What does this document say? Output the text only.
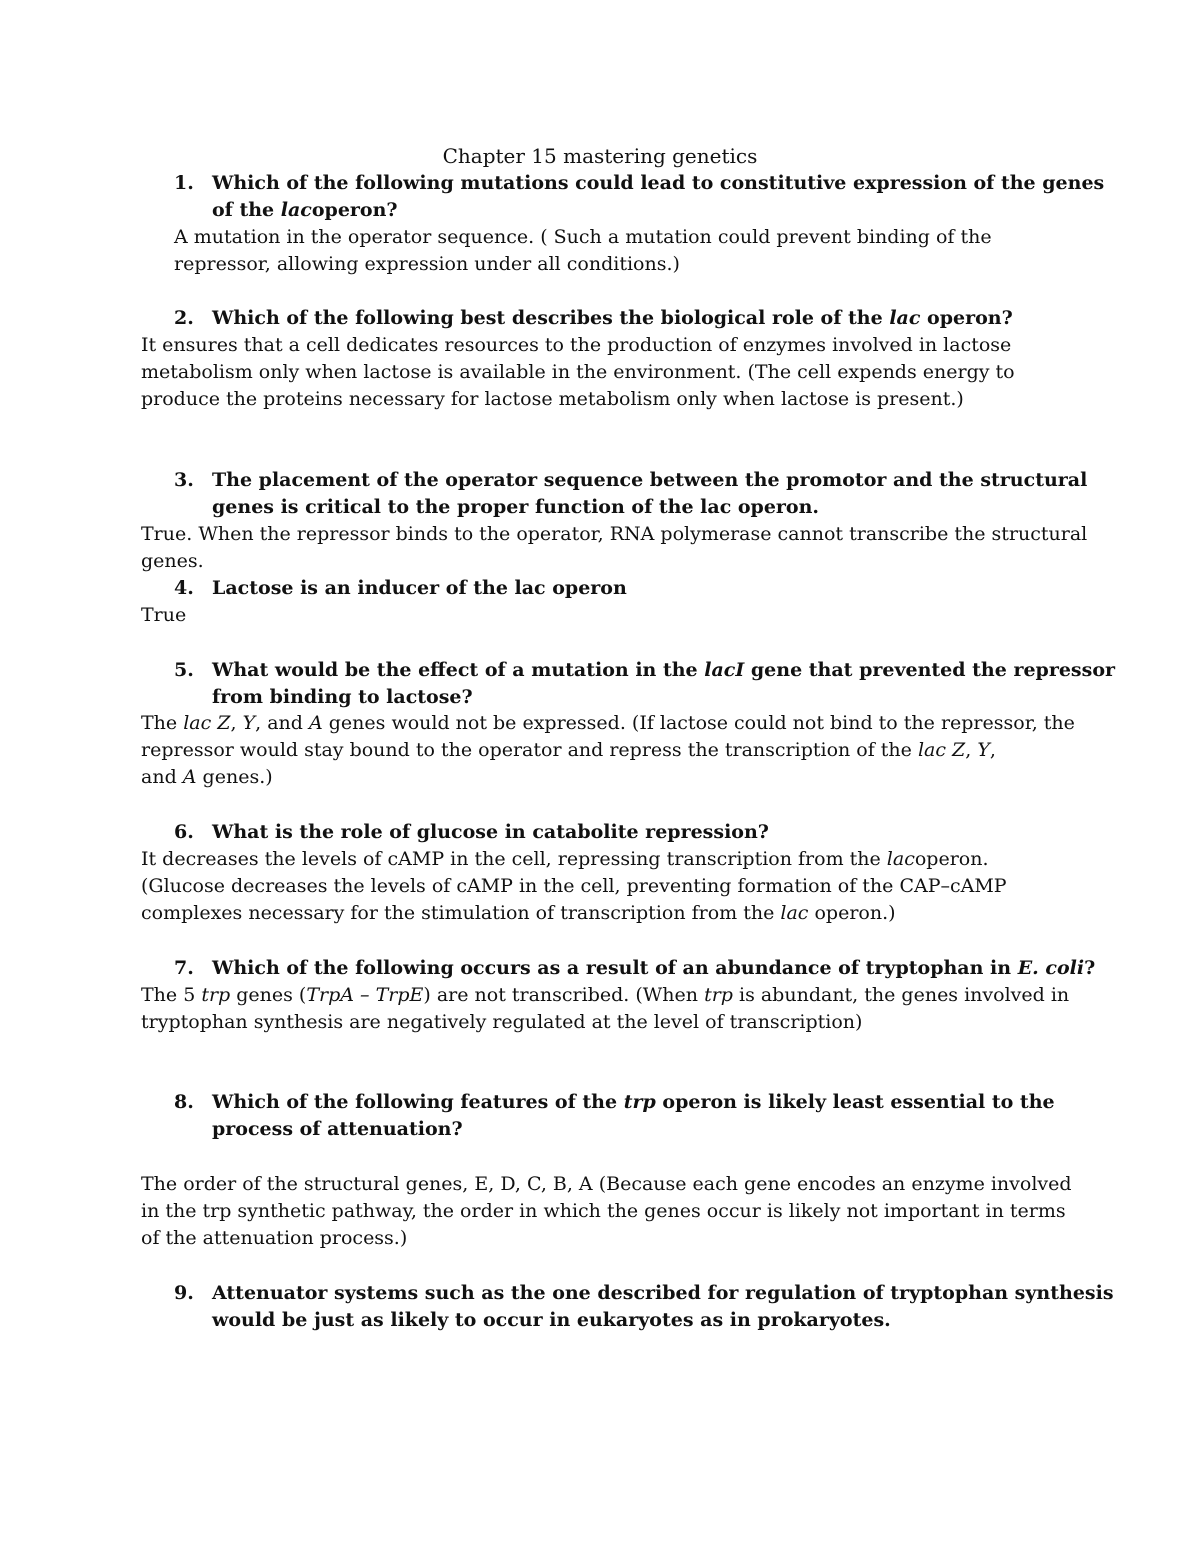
Chapter 15 mastering genetics
1. Which of the following mutations could lead to constitutive expression of the genes
of the lacoperon?
A mutation in the operator sequence. ( Such a mutation could prevent binding of the
repressor, allowing expression under all conditions.)
2. Which of the following best describes the biological role of the lac operon?
It ensures that a cell dedicates resources to the production of enzymes involved in lactose
metabolism only when lactose is available in the environment. (The cell expends energy to
produce the proteins necessary for lactose metabolism only when lactose is present.)
3. The placement of the operator sequence between the promotor and the structural
genes is critical to the proper function of the lac operon.
True. When the repressor binds to the operator, RNA polymerase cannot transcribe the structural
genes.
4. Lactose is an inducer of the lac operon
True
5. What would be the effect of a mutation in the lacI gene that prevented the repressor
from binding to lactose?
The lac Z, Y, and A genes would not be expressed. (If lactose could not bind to the repressor, the
repressor would stay bound to the operator and repress the transcription of the lac Z, Y,
and A genes.)
6. What is the role of glucose in catabolite repression?
It decreases the levels of cAMP in the cell, repressing transcription from the lacoperon.
(Glucose decreases the levels of cAMP in the cell, preventing formation of the CAP–cAMP
complexes necessary for the stimulation of transcription from the lac operon.)
7. Which of the following occurs as a result of an abundance of tryptophan in E. coli?
The 5 trp genes (TrpA – TrpE) are not transcribed. (When trp is abundant, the genes involved in
tryptophan synthesis are negatively regulated at the level of transcription)
8. Which of the following features of the trp operon is likely least essential to the
process of attenuation?
The order of the structural genes, E, D, C, B, A (Because each gene encodes an enzyme involved
in the trp synthetic pathway, the order in which the genes occur is likely not important in terms
of the attenuation process.)
9. Attenuator systems such as the one described for regulation of tryptophan synthesis
would be just as likely to occur in eukaryotes as in prokaryotes.
